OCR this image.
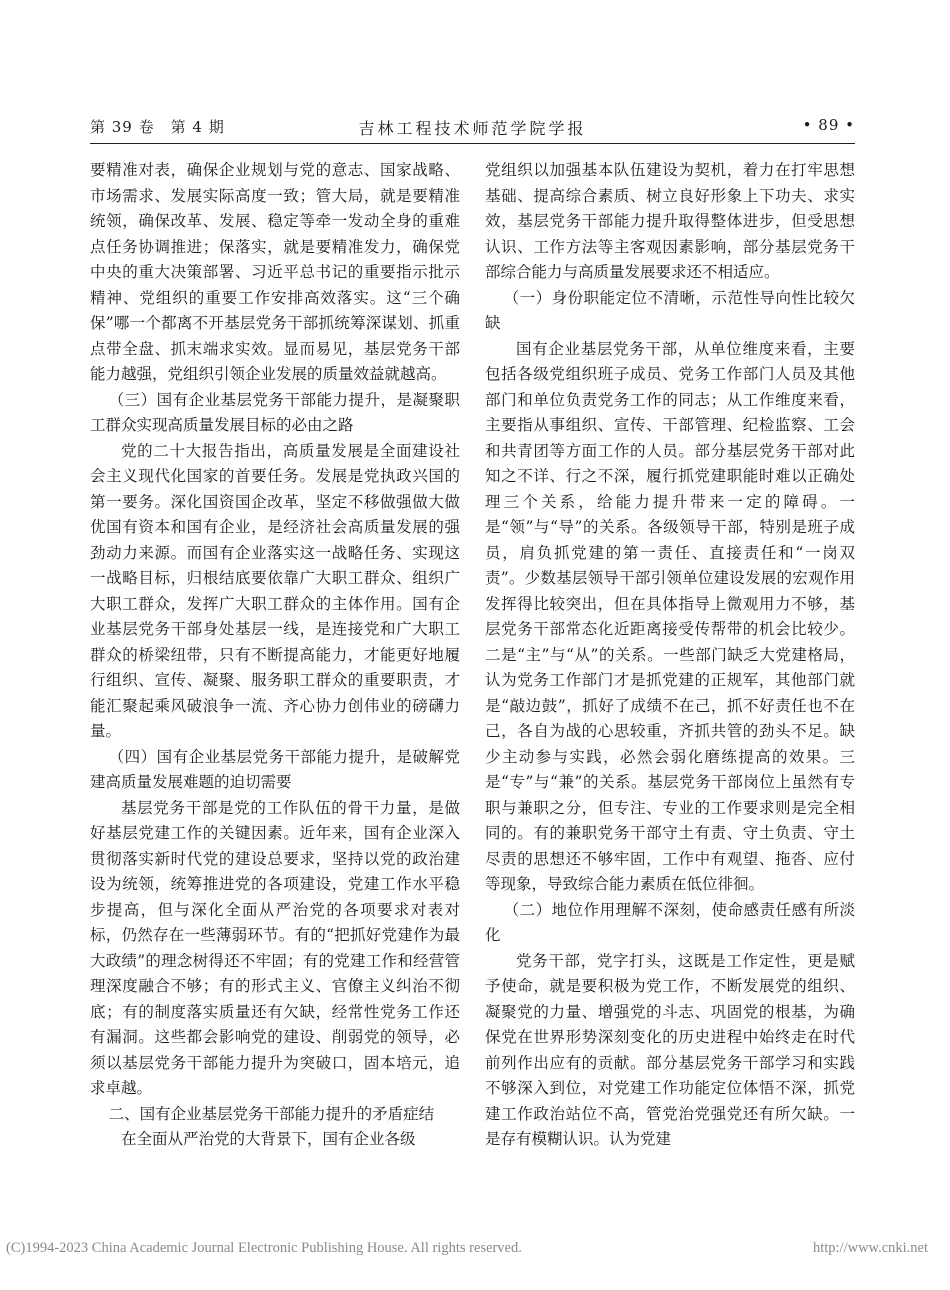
第 39 卷　第 4 期	吉林工程技术师范学院学报	• 89 •

要精准对表，确保企业规划与党的意志、国家战略、市场需求、发展实际高度一致；管大局，就是要精准统领，确保改革、发展、稳定等牵一发动全身的重难点任务协调推进；保落实，就是要精准发力，确保党中央的重大决策部署、习近平总书记的重要指示批示精神、党组织的重要工作安排高效落实。这“三个确保”哪一个都离不开基层党务干部抓统筹深谋划、抓重点带全盘、抓末端求实效。显而易见，基层党务干部能力越强，党组织引领企业发展的质量效益就越高。

（三）国有企业基层党务干部能力提升，是凝聚职工群众实现高质量发展目标的必由之路

党的二十大报告指出，高质量发展是全面建设社会主义现代化国家的首要任务。发展是党执政兴国的第一要务。深化国资国企改革，坚定不移做强做大做优国有资本和国有企业，是经济社会高质量发展的强劲动力来源。而国有企业落实这一战略任务、实现这一战略目标，归根结底要依靠广大职工群众、组织广大职工群众，发挥广大职工群众的主体作用。国有企业基层党务干部身处基层一线，是连接党和广大职工群众的桥梁纽带，只有不断提高能力，才能更好地履行组织、宣传、凝聚、服务职工群众的重要职责，才能汇聚起乘风破浪争一流、齐心协力创伟业的磅礴力量。

（四）国有企业基层党务干部能力提升，是破解党建高质量发展难题的迫切需要

基层党务干部是党的工作队伍的骨干力量，是做好基层党建工作的关键因素。近年来，国有企业深入贯彻落实新时代党的建设总要求，坚持以党的政治建设为统领，统筹推进党的各项建设，党建工作水平稳步提高，但与深化全面从严治党的各项要求对表对标，仍然存在一些薄弱环节。有的“把抓好党建作为最大政绩”的理念树得还不牢固；有的党建工作和经营管理深度融合不够；有的形式主义、官僚主义纠治不彻底；有的制度落实质量还有欠缺，经常性党务工作还有漏洞。这些都会影响党的建设、削弱党的领导，必须以基层党务干部能力提升为突破口，固本培元，追求卓越。

二、国有企业基层党务干部能力提升的矛盾症结

在全面从严治党的大背景下，国有企业各级

党组织以加强基本队伍建设为契机，着力在打牢思想基础、提高综合素质、树立良好形象上下功夫、求实效，基层党务干部能力提升取得整体进步，但受思想认识、工作方法等主客观因素影响，部分基层党务干部综合能力与高质量发展要求还不相适应。

（一）身份职能定位不清晰，示范性导向性比较欠缺

国有企业基层党务干部，从单位维度来看，主要包括各级党组织班子成员、党务工作部门人员及其他部门和单位负责党务工作的同志；从工作维度来看，主要指从事组织、宣传、干部管理、纪检监察、工会和共青团等方面工作的人员。部分基层党务干部对此知之不详、行之不深，履行抓党建职能时难以正确处理三个关系，给能力提升带来一定的障碍。一是“领”与“导”的关系。各级领导干部，特别是班子成员，肩负抓党建的第一责任、直接责任和“一岗双责”。少数基层领导干部引领单位建设发展的宏观作用发挥得比较突出，但在具体指导上微观用力不够，基层党务干部常态化近距离接受传帮带的机会比较少。二是“主”与“从”的关系。一些部门缺乏大党建格局，认为党务工作部门才是抓党建的正规军，其他部门就是“敲边鼓”，抓好了成绩不在己，抓不好责任也不在己，各自为战的心思较重，齐抓共管的劲头不足。缺少主动参与实践，必然会弱化磨练提高的效果。三是“专”与“兼”的关系。基层党务干部岗位上虽然有专职与兼职之分，但专注、专业的工作要求则是完全相同的。有的兼职党务干部守土有责、守土负责、守土尽责的思想还不够牢固，工作中有观望、拖沓、应付等现象，导致综合能力素质在低位徘徊。

（二）地位作用理解不深刻，使命感责任感有所淡化

党务干部，党字打头，这既是工作定性，更是赋予使命，就是要积极为党工作，不断发展党的组织、凝聚党的力量、增强党的斗志、巩固党的根基，为确保党在世界形势深刻变化的历史进程中始终走在时代前列作出应有的贡献。部分基层党务干部学习和实践不够深入到位，对党建工作功能定位体悟不深，抓党建工作政治站位不高，管党治党强党还有所欠缺。一是存有模糊认识。认为党建

(C)1994-2023 China Academic Journal Electronic Publishing House. All rights reserved.	http://www.cnki.net
